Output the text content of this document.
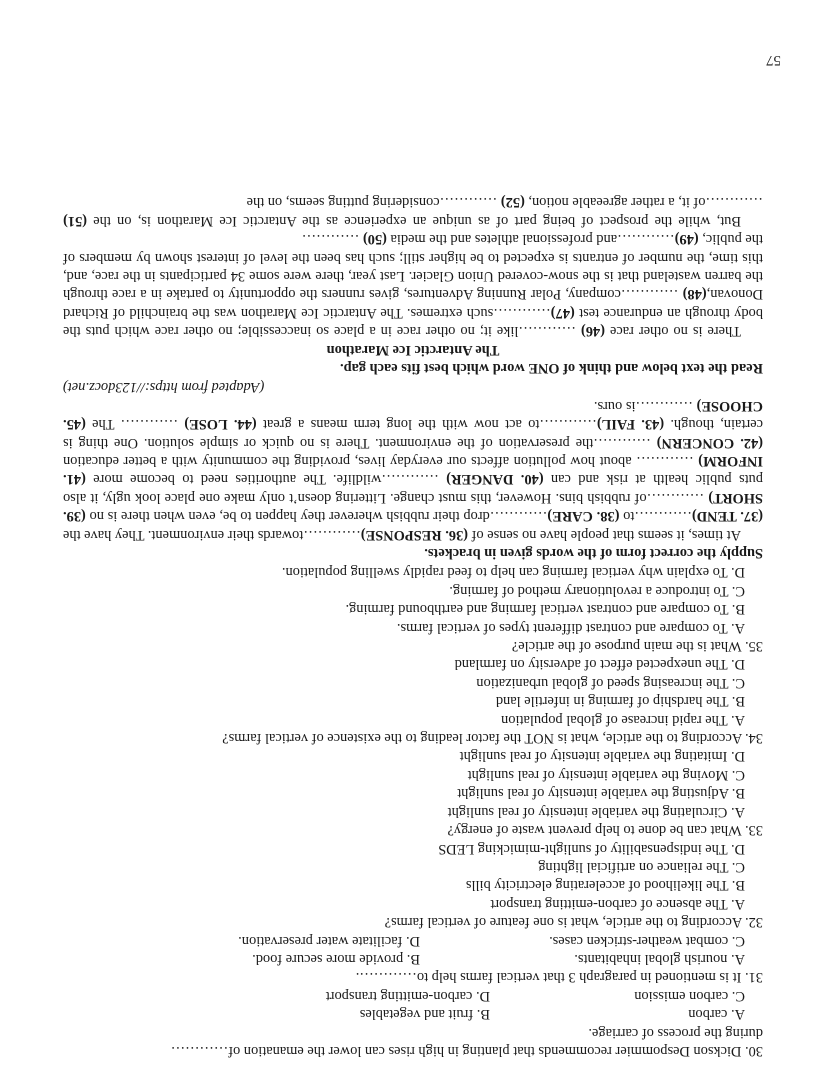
30. Dickson Despommier recommends that planting in high rises can lower the emanation of…………
during the process of carriage.

A. carbon
B. fruit and vegetables
C. carbon emission
D. carbon-emitting transport

31. It is mentioned in paragraph 3 that vertical farms help to………….

A. nourish global inhabitants.
B. provide more secure food.
C. combat weather-stricken cases.
D. facilitate water preservation.

32. According to the article, what is one feature of vertical farms?

A. The absence of carbon-emitting transport

B. The likelihood of accelerating electricity bills

C. The reliance on artificial lighting

D. The indispensability of sunlight-mimicking LEDS

33. What can be done to help prevent waste of energy?

A. Circulating the variable intensity of real sunlight

B. Adjusting the variable intensity of real sunlight

C. Moving the variable intensity of real sunlight

D. Imitating the variable intensity of real sunlight

34. According to the article, what is NOT the factor leading to the existence of vertical farms?

A. The rapid increase of global population

B. The hardship of farming in infertile land

C. The increasing speed of global urbanization

D. The unexpected effect of adversity on farmland

35. What is the main purpose of the article?

A. To compare and contrast different types of vertical farms.

B. To compare and contrast vertical farming and earthbound farming.

C. To introduce a revolutionary method of farming.

D. To explain why vertical farming can help to feed rapidly swelling population.

Supply the correct form of the words given in brackets.

At times, it seems that people have no sense of (36. RESPONSE)…………towards their environment. They have the (37. TEND)…………to (38. CARE)…………drop their rubbish wherever they happen to be, even when there is no (39. SHORT) …………of rubbish bins. However, this must change. Littering doesn’t only make one place look ugly, it also puts public health at risk and can (40. DANGER) …………wildlife. The authorities need to become more (41. INFORM) ………… about how pollution affects our everyday lives, providing the community with a better education (42. CONCERN) …………the preservation of the environment. There is no quick or simple solution. One thing is certain, though. (43. FAIL)…………to act now with the long term means a great (44. LOSE) ………… The (45. CHOOSE) …………is ours.

(Adapted from https://123docz.net)

Read the text below and think of ONE word which best fits each gap.

The Antarctic Ice Marathon

There is no other race (46) …………like it; no other race in a place so inaccessible; no other race which puts the body through an endurance test (47)…………such extremes. The Antarctic Ice Marathon was the brainchild of Richard Donovan,(48) …………company, Polar Running Adventures, gives runners the opportunity to partake in a race through the barren wasteland that is the snow-covered Union Glacier. Last year, there were some 34 participants in the race, and, this time, the number of entrants is expected to be higher still; such has been the level of interest shown by members of the public, (49)…………and professional athletes and the media (50) …………

But, while the prospect of being part of as unique an experience as the Antarctic Ice Marathon is, on the (51) …………of it, a rather agreeable notion, (52) …………considering putting seems, on the

57
